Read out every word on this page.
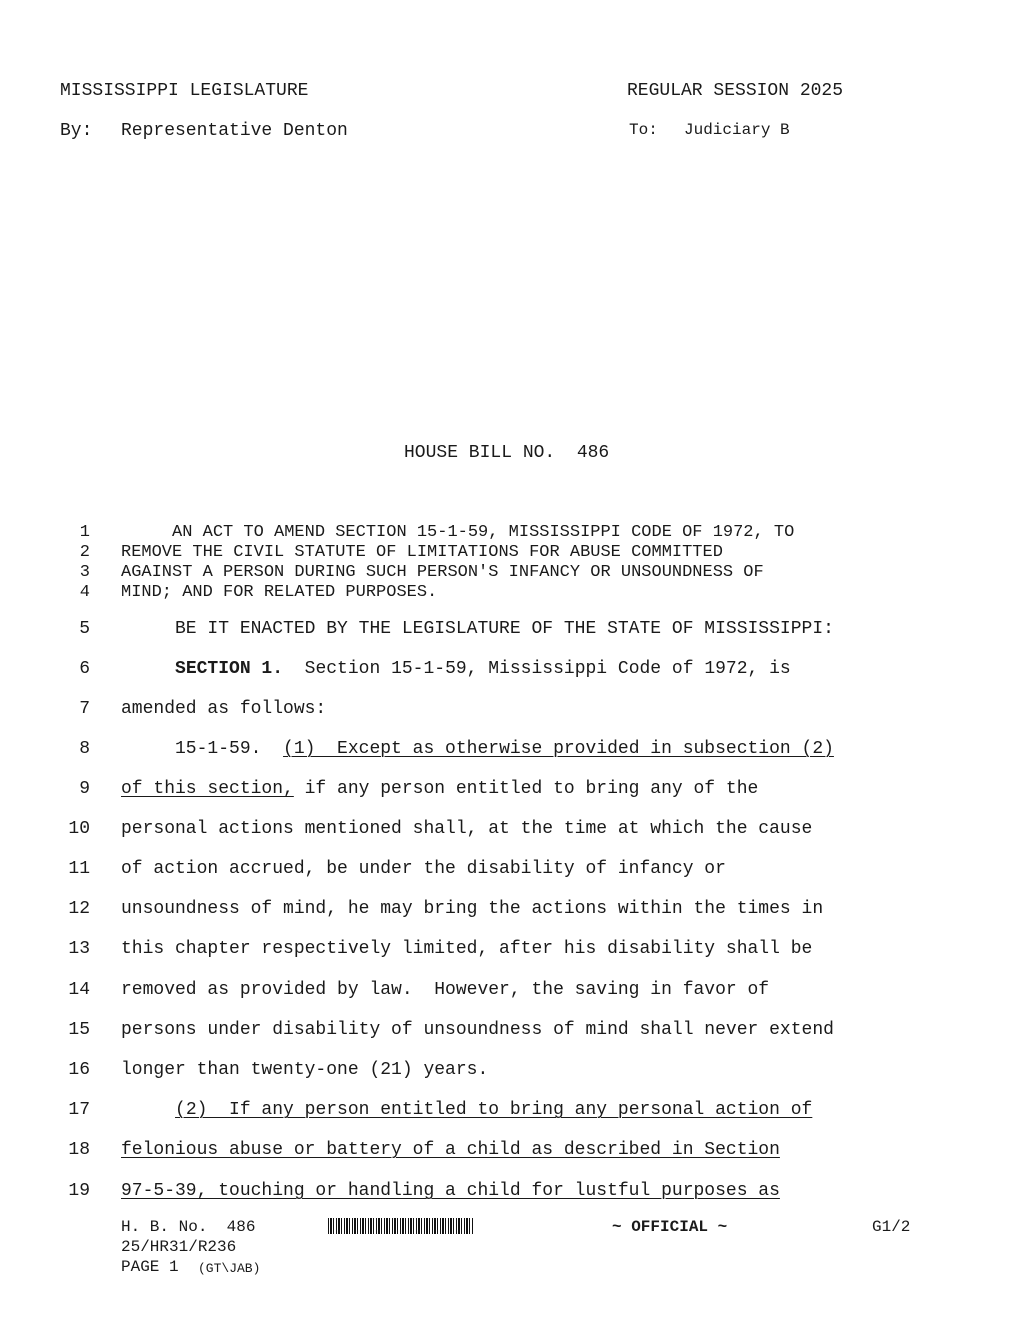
MISSISSIPPI LEGISLATURE	REGULAR SESSION 2025
By: Representative Denton	To: Judiciary B
HOUSE BILL NO.  486
1 AN ACT TO AMEND SECTION 15-1-59, MISSISSIPPI CODE OF 1972, TO
2 REMOVE THE CIVIL STATUTE OF LIMITATIONS FOR ABUSE COMMITTED
3 AGAINST A PERSON DURING SUCH PERSON'S INFANCY OR UNSOUNDNESS OF
4 MIND; AND FOR RELATED PURPOSES.
5 BE IT ENACTED BY THE LEGISLATURE OF THE STATE OF MISSISSIPPI:
6	SECTION 1.  Section 15-1-59, Mississippi Code of 1972, is
7 amended as follows:
8 15-1-59.  (1)  Except as otherwise provided in subsection (2)
9 of this section, if any person entitled to bring any of the
10 personal actions mentioned shall, at the time at which the cause
11 of action accrued, be under the disability of infancy or
12 unsoundness of mind, he may bring the actions within the times in
13 this chapter respectively limited, after his disability shall be
14 removed as provided by law.  However, the saving in favor of
15 persons under disability of unsoundness of mind shall never extend
16 longer than twenty-one (21) years.
17	(2)  If any person entitled to bring any personal action of
18 felonious abuse or battery of a child as described in Section
19 97-5-39, touching or handling a child for lustful purposes as
H. B. No.  486	~ OFFICIAL ~	G1/2
25/HR31/R236
PAGE 1 (GT\JAB)
